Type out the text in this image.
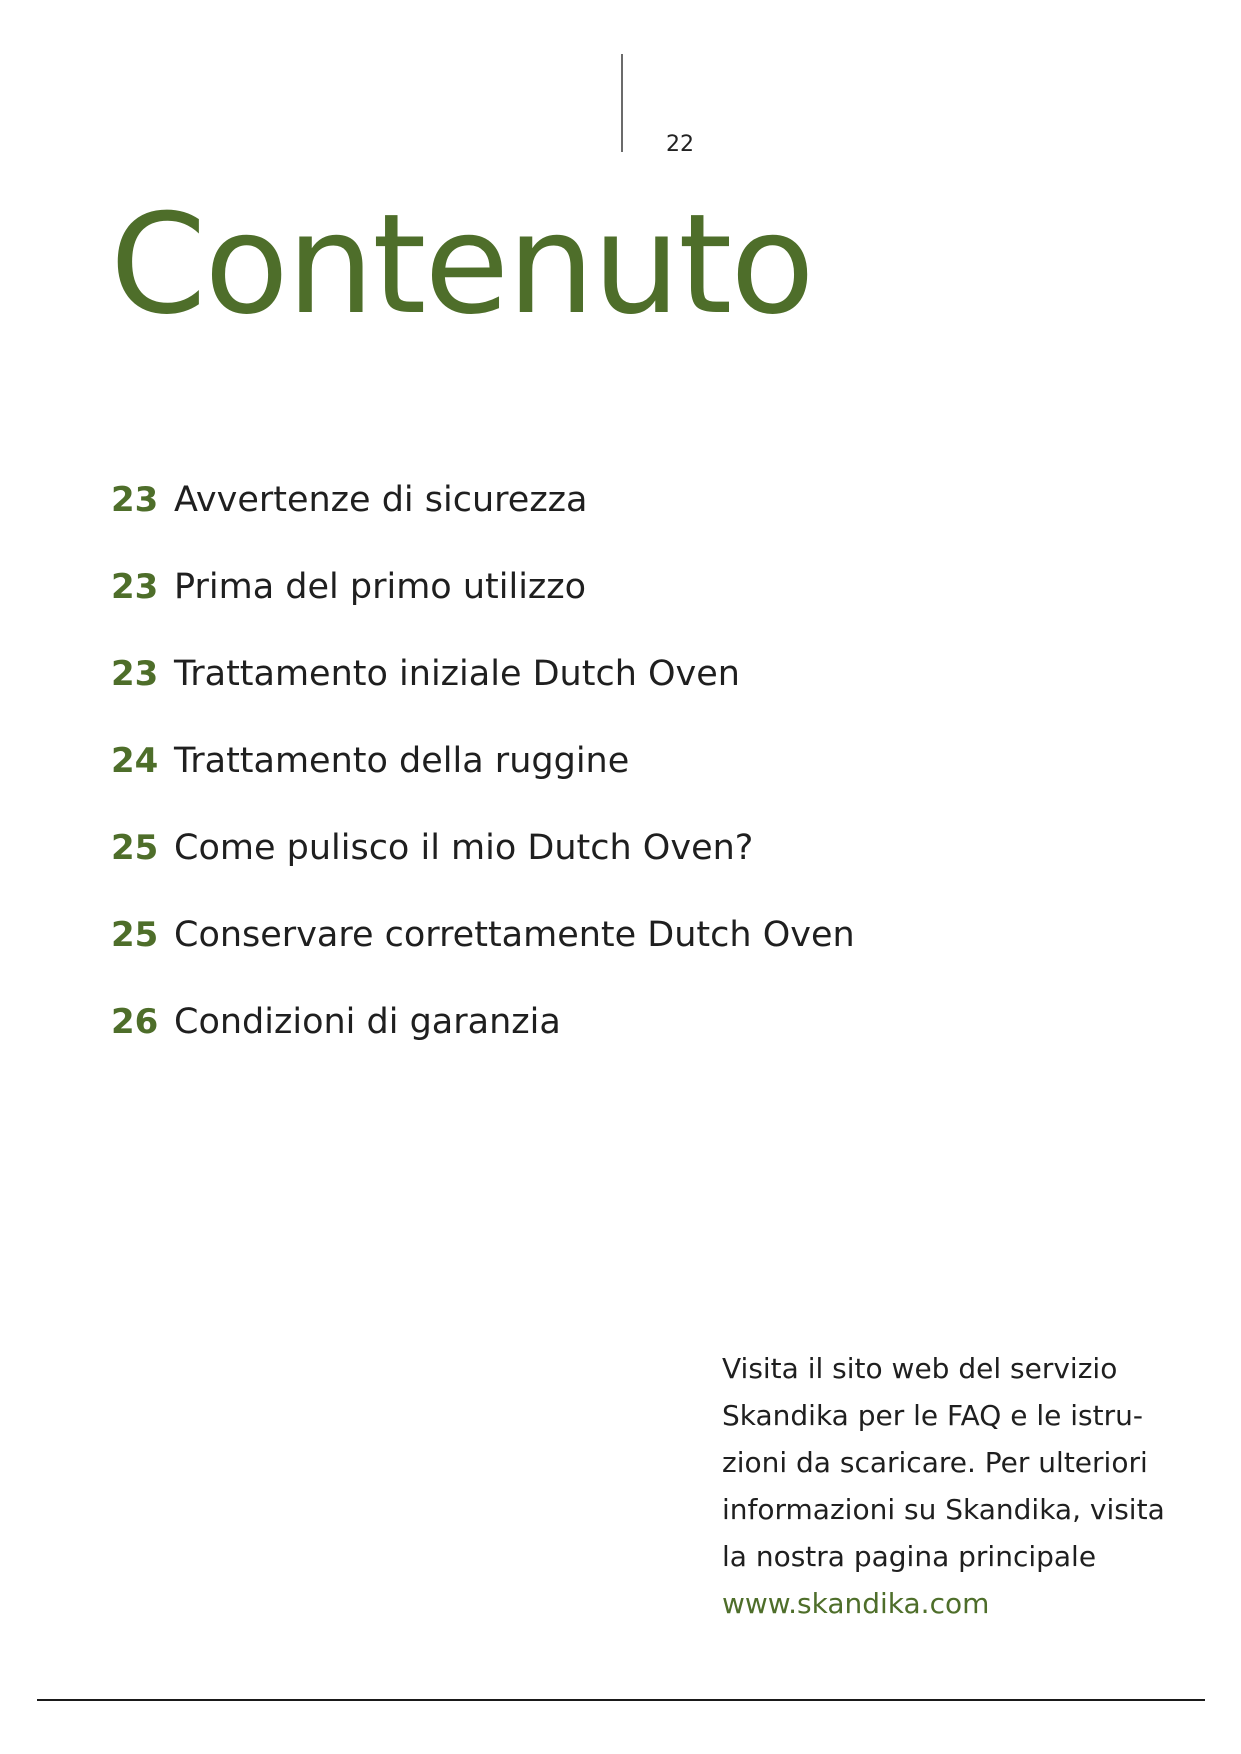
22
Contenuto
23 Avvertenze di sicurezza
23 Prima del primo utilizzo
23 Trattamento iniziale Dutch Oven
24 Trattamento della ruggine
25 Come pulisco il mio Dutch Oven?
25 Conservare correttamente Dutch Oven
26 Condizioni di garanzia
Visita il sito web del servizio
Skandika per le FAQ e le istru-
zioni da scaricare. Per ulteriori
informazioni su Skandika, visita
la nostra pagina principale
www.skandika.com
